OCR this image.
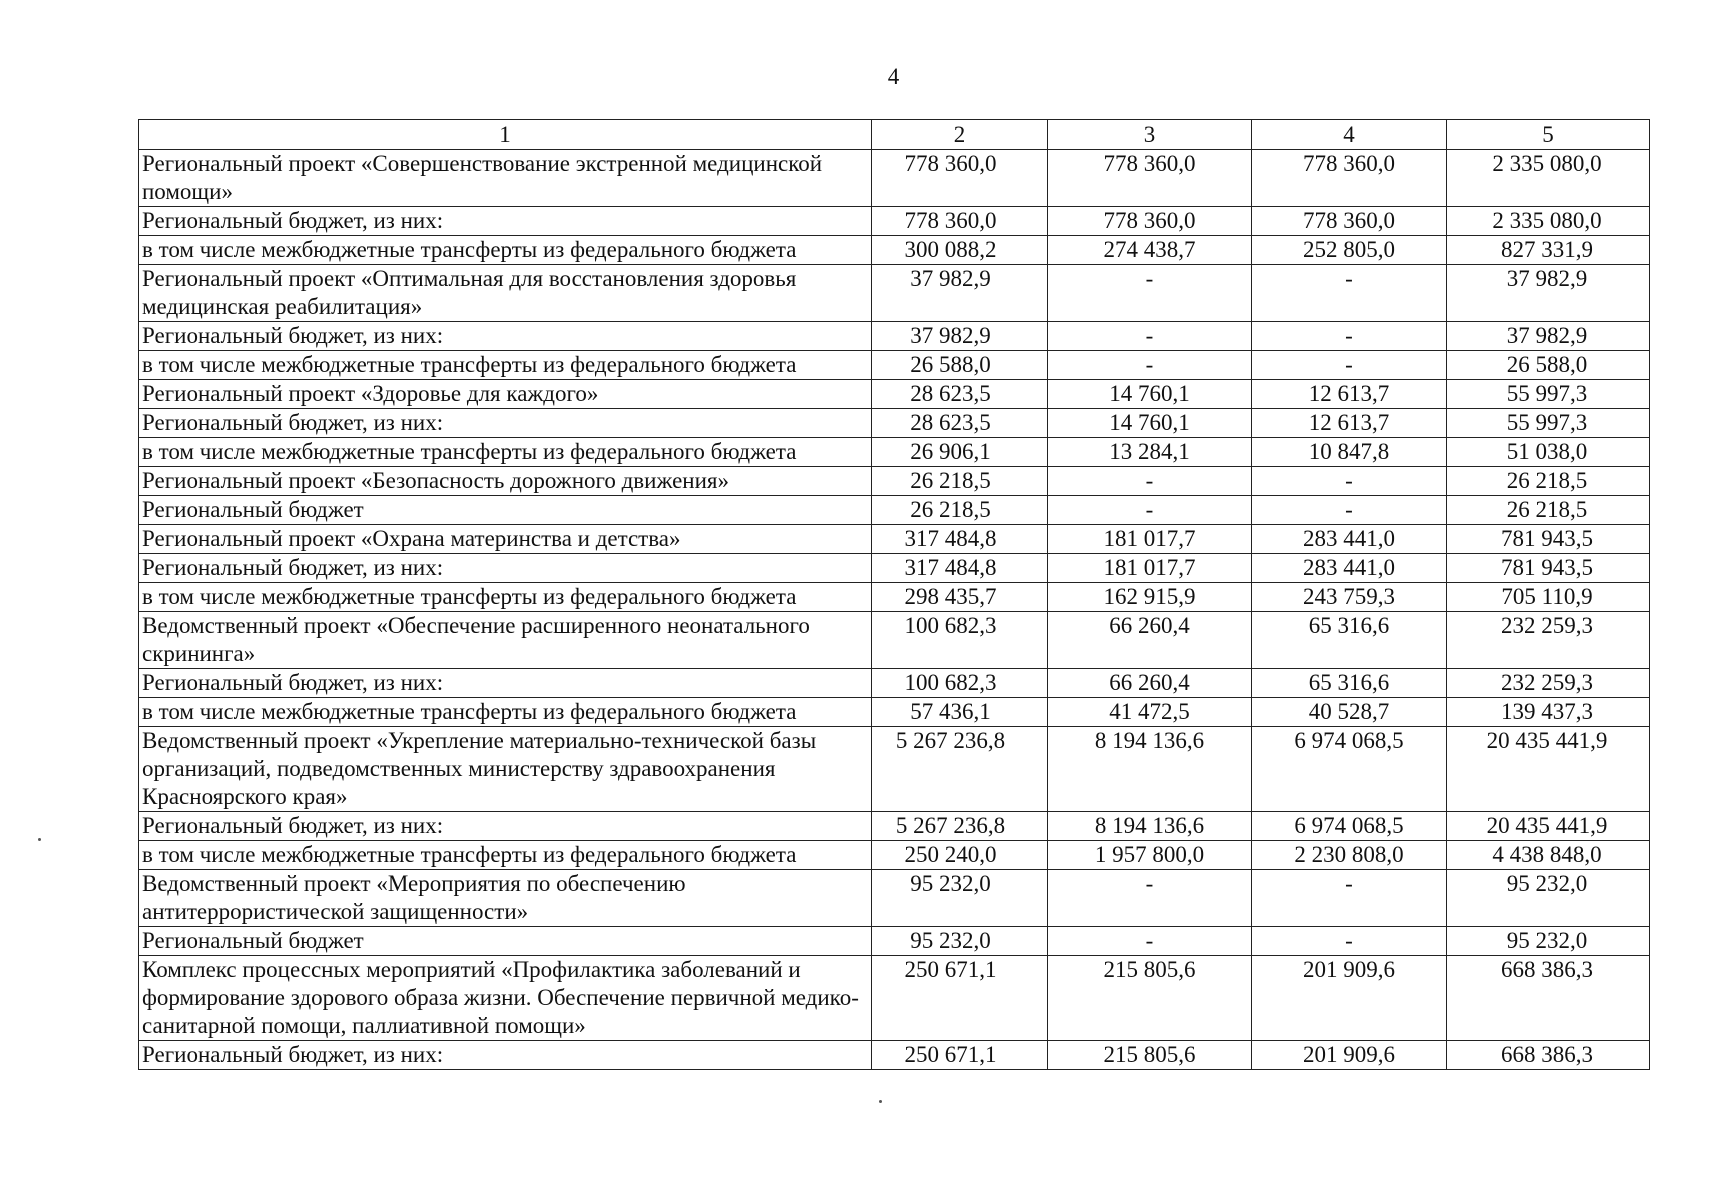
4
1	2	3	4	5
Региональный проект «Совершенствование экстренной медицинской помощи»	778 360,0	778 360,0	778 360,0	2 335 080,0
Региональный бюджет, из них:	778 360,0	778 360,0	778 360,0	2 335 080,0
в том числе межбюджетные трансферты из федерального бюджета	300 088,2	274 438,7	252 805,0	827 331,9
Региональный проект «Оптимальная для восстановления здоровья медицинская реабилитация»	37 982,9	-	-	37 982,9
Региональный бюджет, из них:	37 982,9	-	-	37 982,9
в том числе межбюджетные трансферты из федерального бюджета	26 588,0	-	-	26 588,0
Региональный проект «Здоровье для каждого»	28 623,5	14 760,1	12 613,7	55 997,3
Региональный бюджет, из них:	28 623,5	14 760,1	12 613,7	55 997,3
в том числе межбюджетные трансферты из федерального бюджета	26 906,1	13 284,1	10 847,8	51 038,0
Региональный проект «Безопасность дорожного движения»	26 218,5	-	-	26 218,5
Региональный бюджет	26 218,5	-	-	26 218,5
Региональный проект «Охрана материнства и детства»	317 484,8	181 017,7	283 441,0	781 943,5
Региональный бюджет, из них:	317 484,8	181 017,7	283 441,0	781 943,5
в том числе межбюджетные трансферты из федерального бюджета	298 435,7	162 915,9	243 759,3	705 110,9
Ведомственный проект «Обеспечение расширенного неонатального скрининга»	100 682,3	66 260,4	65 316,6	232 259,3
Региональный бюджет, из них:	100 682,3	66 260,4	65 316,6	232 259,3
в том числе межбюджетные трансферты из федерального бюджета	57 436,1	41 472,5	40 528,7	139 437,3
Ведомственный проект «Укрепление материально-технической базы организаций, подведомственных министерству здравоохранения Красноярского края»	5 267 236,8	8 194 136,6	6 974 068,5	20 435 441,9
Региональный бюджет, из них:	5 267 236,8	8 194 136,6	6 974 068,5	20 435 441,9
в том числе межбюджетные трансферты из федерального бюджета	250 240,0	1 957 800,0	2 230 808,0	4 438 848,0
Ведомственный проект «Мероприятия по обеспечению антитеррористической защищенности»	95 232,0	-	-	95 232,0
Региональный бюджет	95 232,0	-	-	95 232,0
Комплекс процессных мероприятий «Профилактика заболеваний и формирование здорового образа жизни. Обеспечение первичной медико-санитарной помощи, паллиативной помощи»	250 671,1	215 805,6	201 909,6	668 386,3
Региональный бюджет, из них:	250 671,1	215 805,6	201 909,6	668 386,3
